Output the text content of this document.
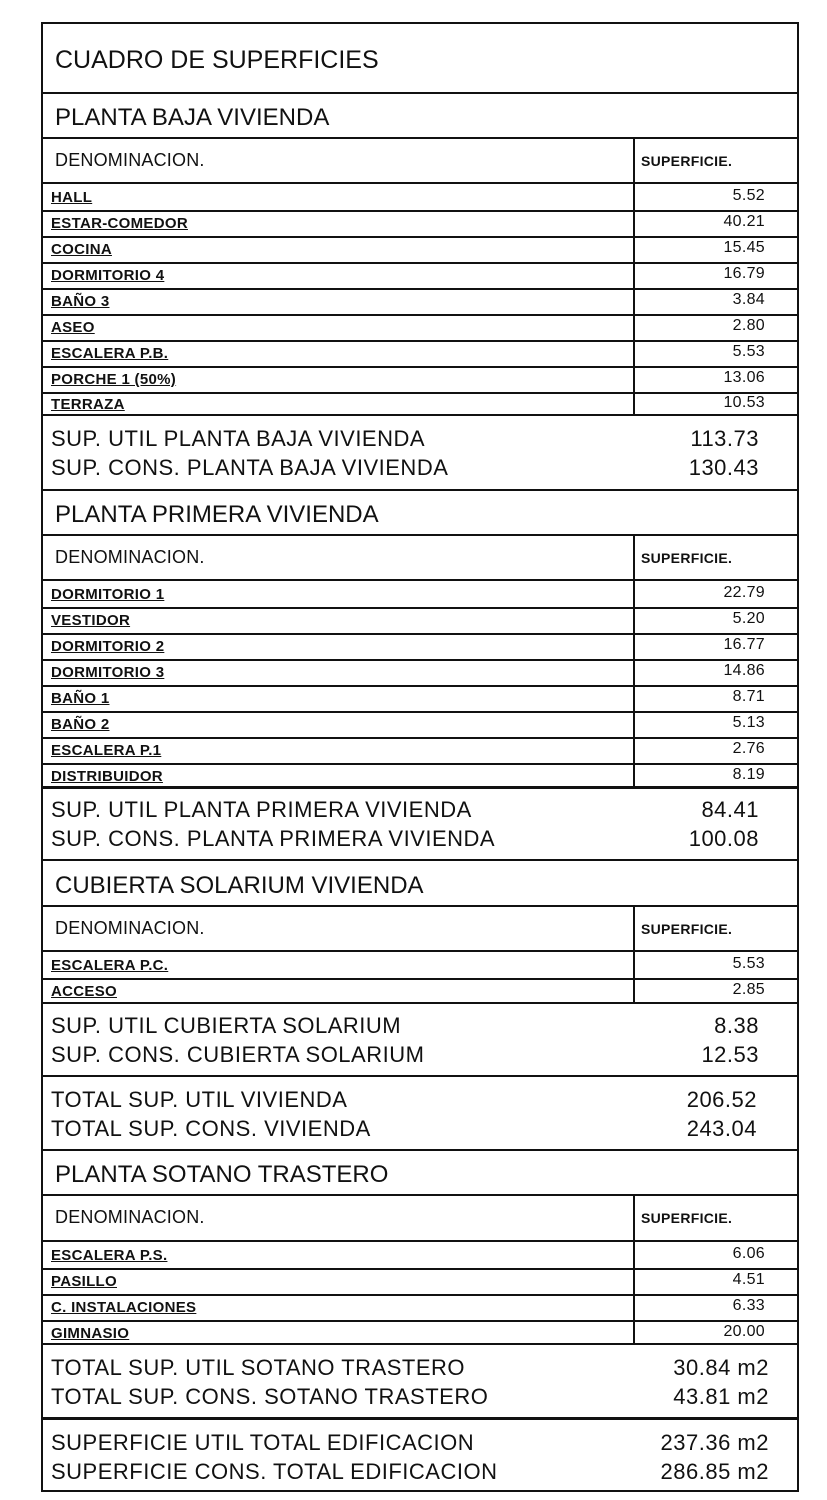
CUADRO DE SUPERFICIES
PLANTA BAJA VIVIENDA
DENOMINACION.	SUPERFICIE.
HALL	5.52
ESTAR-COMEDOR	40.21
COCINA	15.45
DORMITORIO 4	16.79
BAÑO 3	3.84
ASEO	2.80
ESCALERA P.B.	5.53
PORCHE 1 (50%)	13.06
TERRAZA	10.53
SUP. UTIL PLANTA BAJA VIVIENDA	113.73
SUP. CONS. PLANTA BAJA VIVIENDA	130.43
PLANTA PRIMERA VIVIENDA
DENOMINACION.	SUPERFICIE.
DORMITORIO 1	22.79
VESTIDOR	5.20
DORMITORIO 2	16.77
DORMITORIO 3	14.86
BAÑO 1	8.71
BAÑO 2	5.13
ESCALERA P.1	2.76
DISTRIBUIDOR	8.19
SUP. UTIL PLANTA PRIMERA VIVIENDA	84.41
SUP. CONS. PLANTA PRIMERA VIVIENDA	100.08
CUBIERTA SOLARIUM VIVIENDA
DENOMINACION.	SUPERFICIE.
ESCALERA P.C.	5.53
ACCESO	2.85
SUP. UTIL CUBIERTA SOLARIUM	8.38
SUP. CONS. CUBIERTA SOLARIUM	12.53
TOTAL SUP. UTIL VIVIENDA	206.52
TOTAL SUP. CONS. VIVIENDA	243.04
PLANTA SOTANO TRASTERO
DENOMINACION.	SUPERFICIE.
ESCALERA P.S.	6.06
PASILLO	4.51
C. INSTALACIONES	6.33
GIMNASIO	20.00
TOTAL SUP. UTIL SOTANO TRASTERO	30.84 m2
TOTAL SUP. CONS. SOTANO TRASTERO	43.81 m2
SUPERFICIE UTIL TOTAL EDIFICACION	237.36 m2
SUPERFICIE CONS. TOTAL EDIFICACION	286.85 m2
